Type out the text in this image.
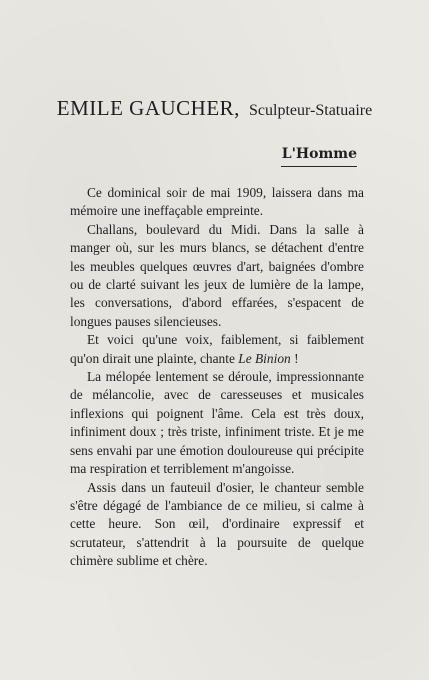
EMILE GAUCHER, Sculpteur-Statuaire
L'Homme

Ce dominical soir de mai 1909, laissera dans ma mémoire une ineffaçable empreinte.

Challans, boulevard du Midi. Dans la salle à manger où, sur les murs blancs, se détachent d'entre les meubles quelques œuvres d'art, baignées d'ombre ou de clarté suivant les jeux de lumière de la lampe, les conversations, d'abord effarées, s'espacent de longues pauses silencieuses.

Et voici qu'une voix, faiblement, si faiblement qu'on dirait une plainte, chante Le Binion !

La mélopée lentement se déroule, impressionnante de mélancolie, avec de caresseuses et musicales inflexions qui poignent l'âme. Cela est très doux, infiniment doux ; très triste, infiniment triste. Et je me sens envahi par une émotion douloureuse qui précipite ma respiration et terriblement m'angoisse.

Assis dans un fauteuil d'osier, le chanteur semble s'être dégagé de l'ambiance de ce milieu, si calme à cette heure. Son œil, d'ordinaire expressif et scrutateur, s'attendrit à la poursuite de quelque chimère sublime et chère.
